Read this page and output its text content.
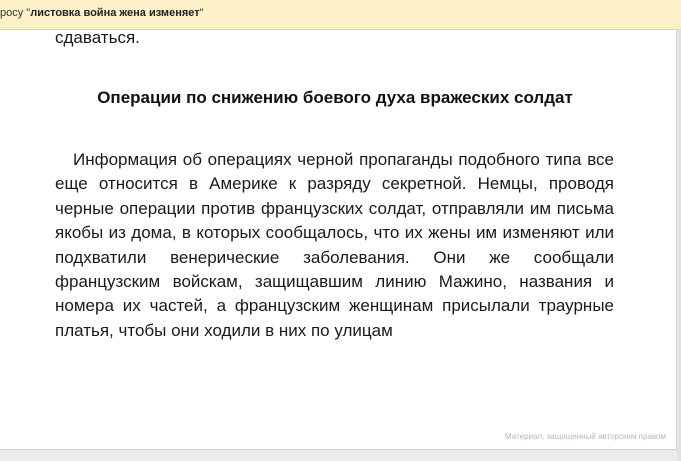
росу "листовка война жена изменяет"

сдаваться.

Операции по снижению боевого духа вражеских солдат

Информация об операциях черной пропаганды подобного типа все еще относится в Америке к разряду секретной. Немцы, проводя черные операции против французских солдат, отправляли им письма якобы из дома, в которых сообщалось, что их жены им изменяют или подхватили венерические заболевания. Они же сообщали французским войскам, защищавшим линию Мажино, названия и номера их частей, а французским женщинам присылали траурные платья, чтобы они ходили в них по улицам

Материал, защищенный авторским правом
